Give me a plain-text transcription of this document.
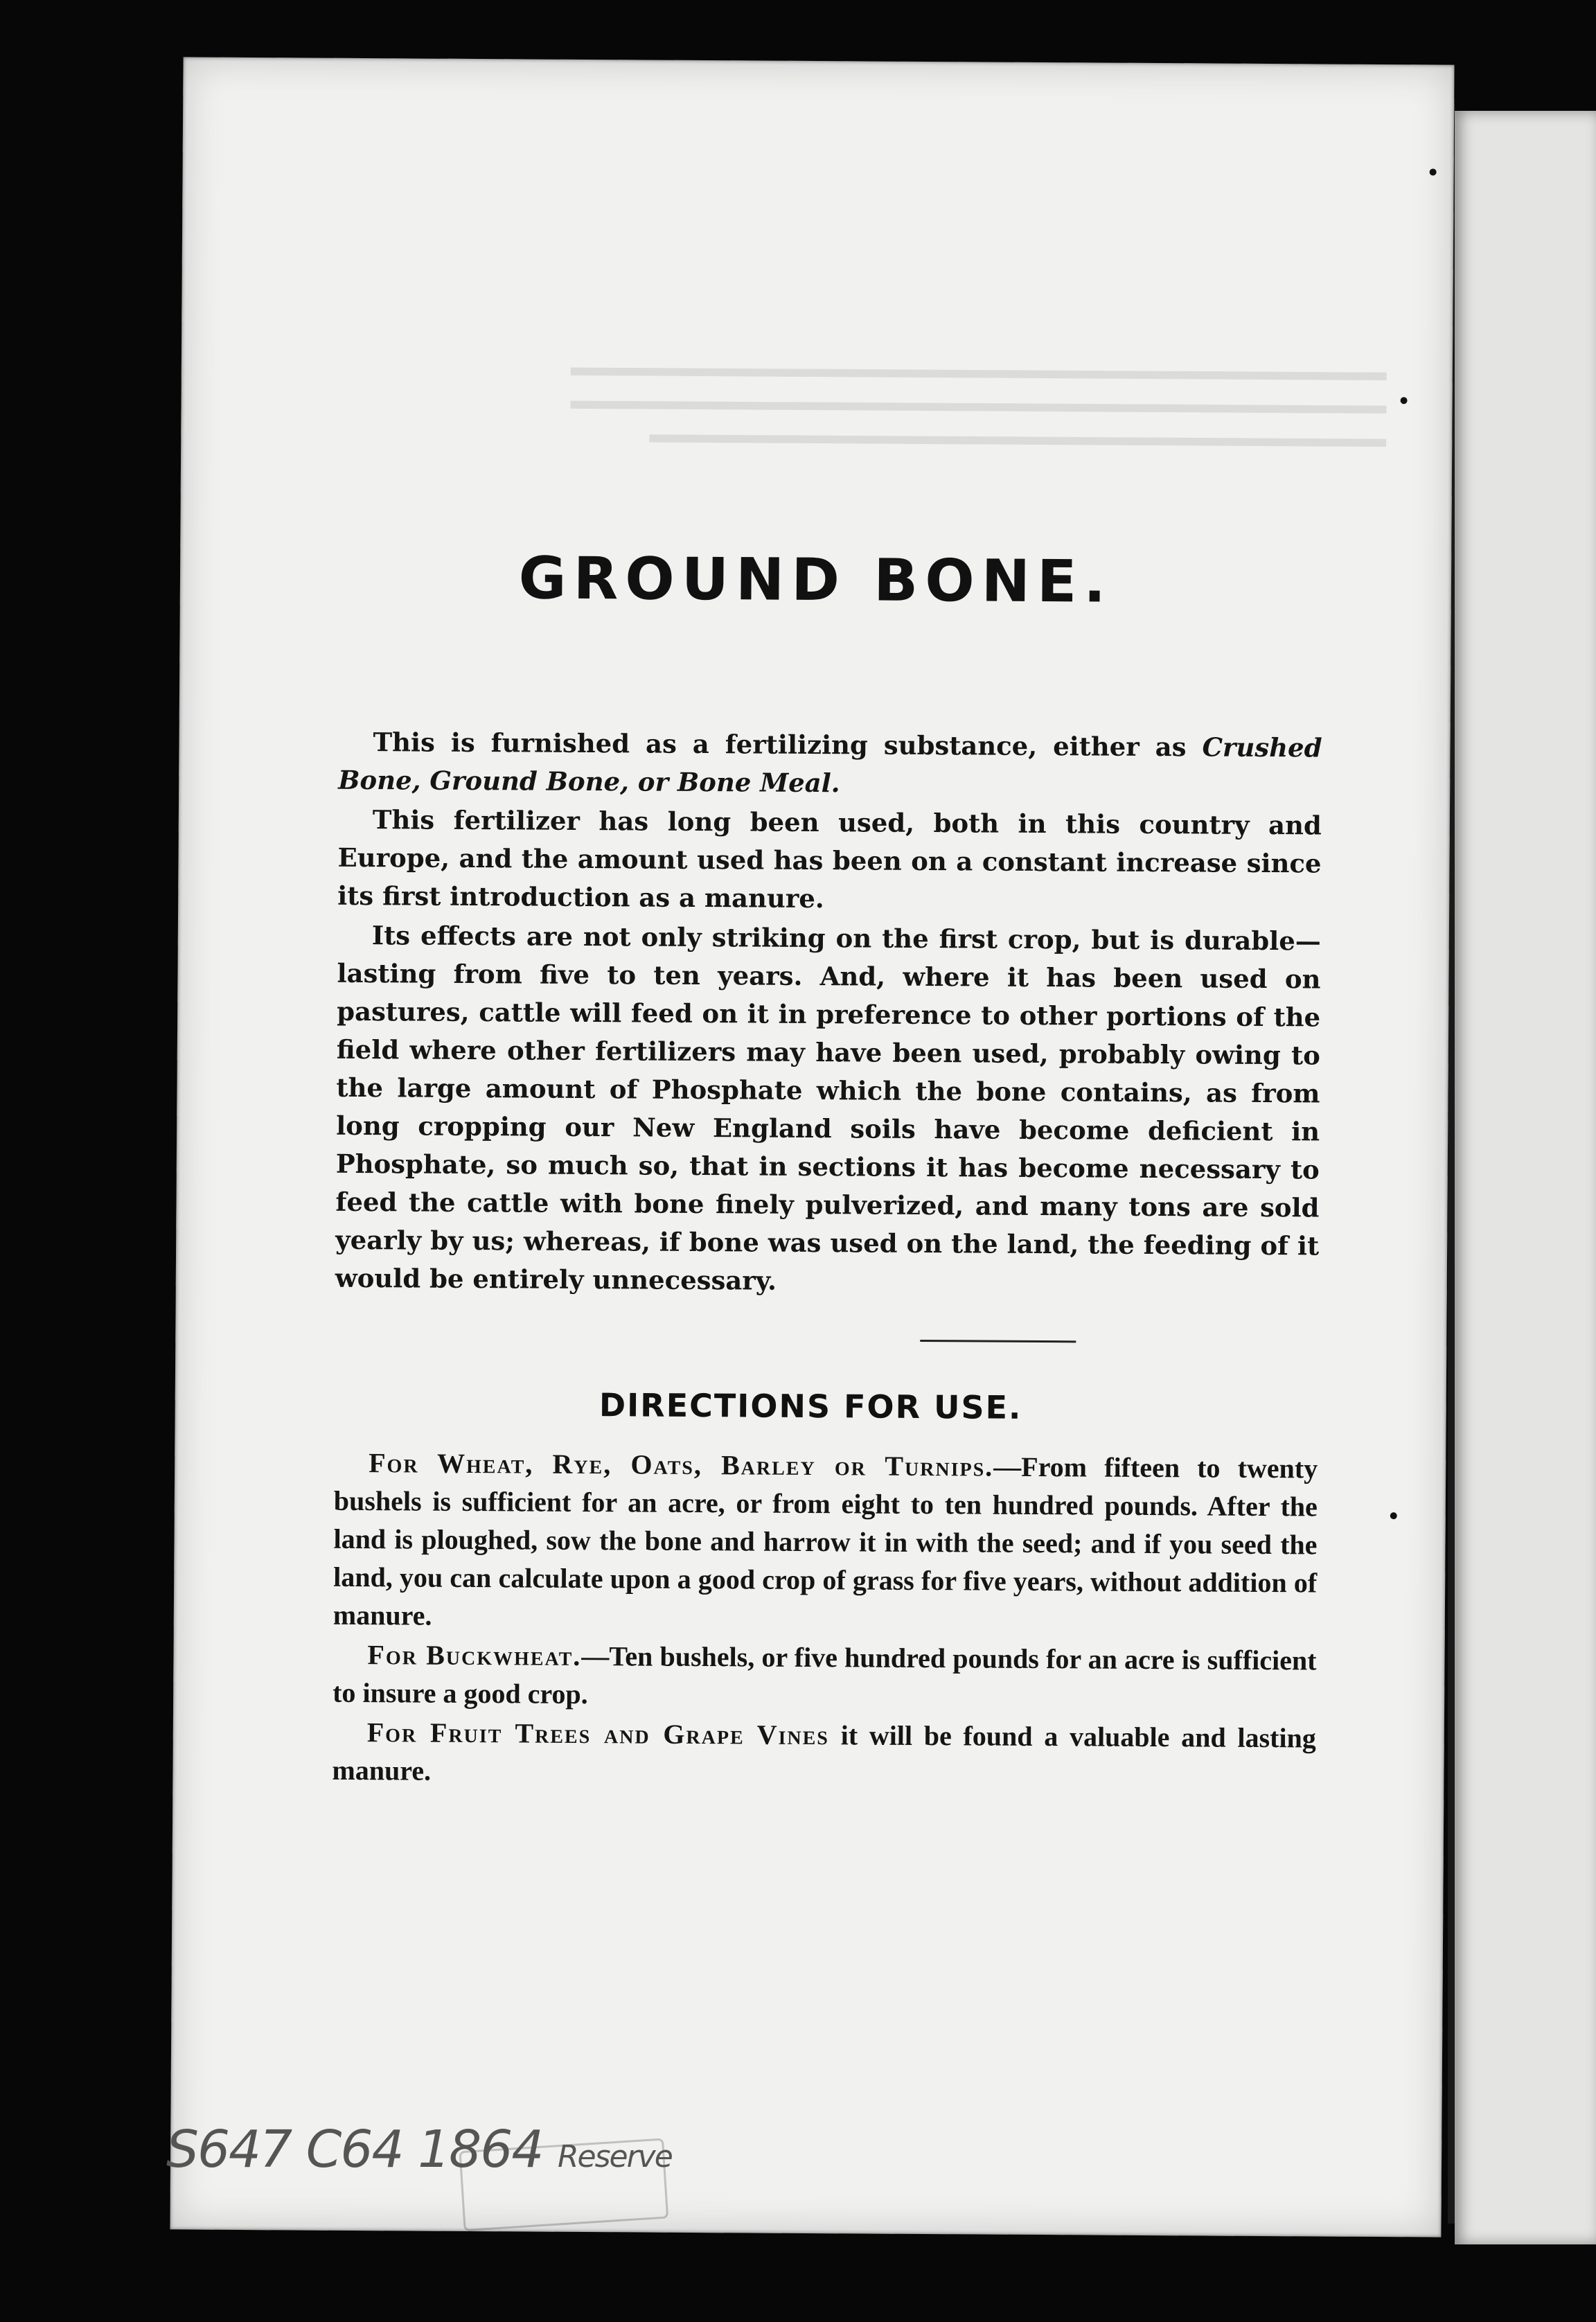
▬▬▬▬▬▬▬▬▬▬▬▬▬▬▬▬▬▬▬▬▬▬▬▬▬▬▬▬▬▬▬
▬▬▬▬▬▬▬▬▬▬▬▬▬▬▬▬▬▬▬▬▬▬▬▬▬▬▬▬▬▬▬
▬▬▬▬▬▬▬▬▬▬▬▬▬▬▬▬▬▬▬▬▬▬▬▬▬▬▬▬
GROUND BONE.

This is furnished as a fertilizing substance, either as Crushed Bone, Ground Bone, or Bone Meal.

This fertilizer has long been used, both in this country and Europe, and the amount used has been on a constant increase since its first introduction as a manure.

Its effects are not only striking on the first crop, but is durable—lasting from five to ten years. And, where it has been used on pastures, cattle will feed on it in preference to other portions of the field where other fertilizers may have been used, probably owing to the large amount of Phosphate which the bone contains, as from long cropping our New England soils have become deficient in Phosphate, so much so, that in sections it has become necessary to feed the cattle with bone finely pulverized, and many tons are sold yearly by us; whereas, if bone was used on the land, the feeding of it would be entirely unnecessary.

DIRECTIONS FOR USE.

For Wheat, Rye, Oats, Barley or Turnips.—From fifteen to twenty bushels is sufficient for an acre, or from eight to ten hundred pounds. After the land is ploughed, sow the bone and harrow it in with the seed; and if you seed the land, you can calculate upon a good crop of grass for five years, without addition of manure.

For Buckwheat.—Ten bushels, or five hundred pounds for an acre is sufficient to insure a good crop.

For Fruit Trees and Grape Vines it will be found a valuable and lasting manure.

S647 C64 1864 Reserve
